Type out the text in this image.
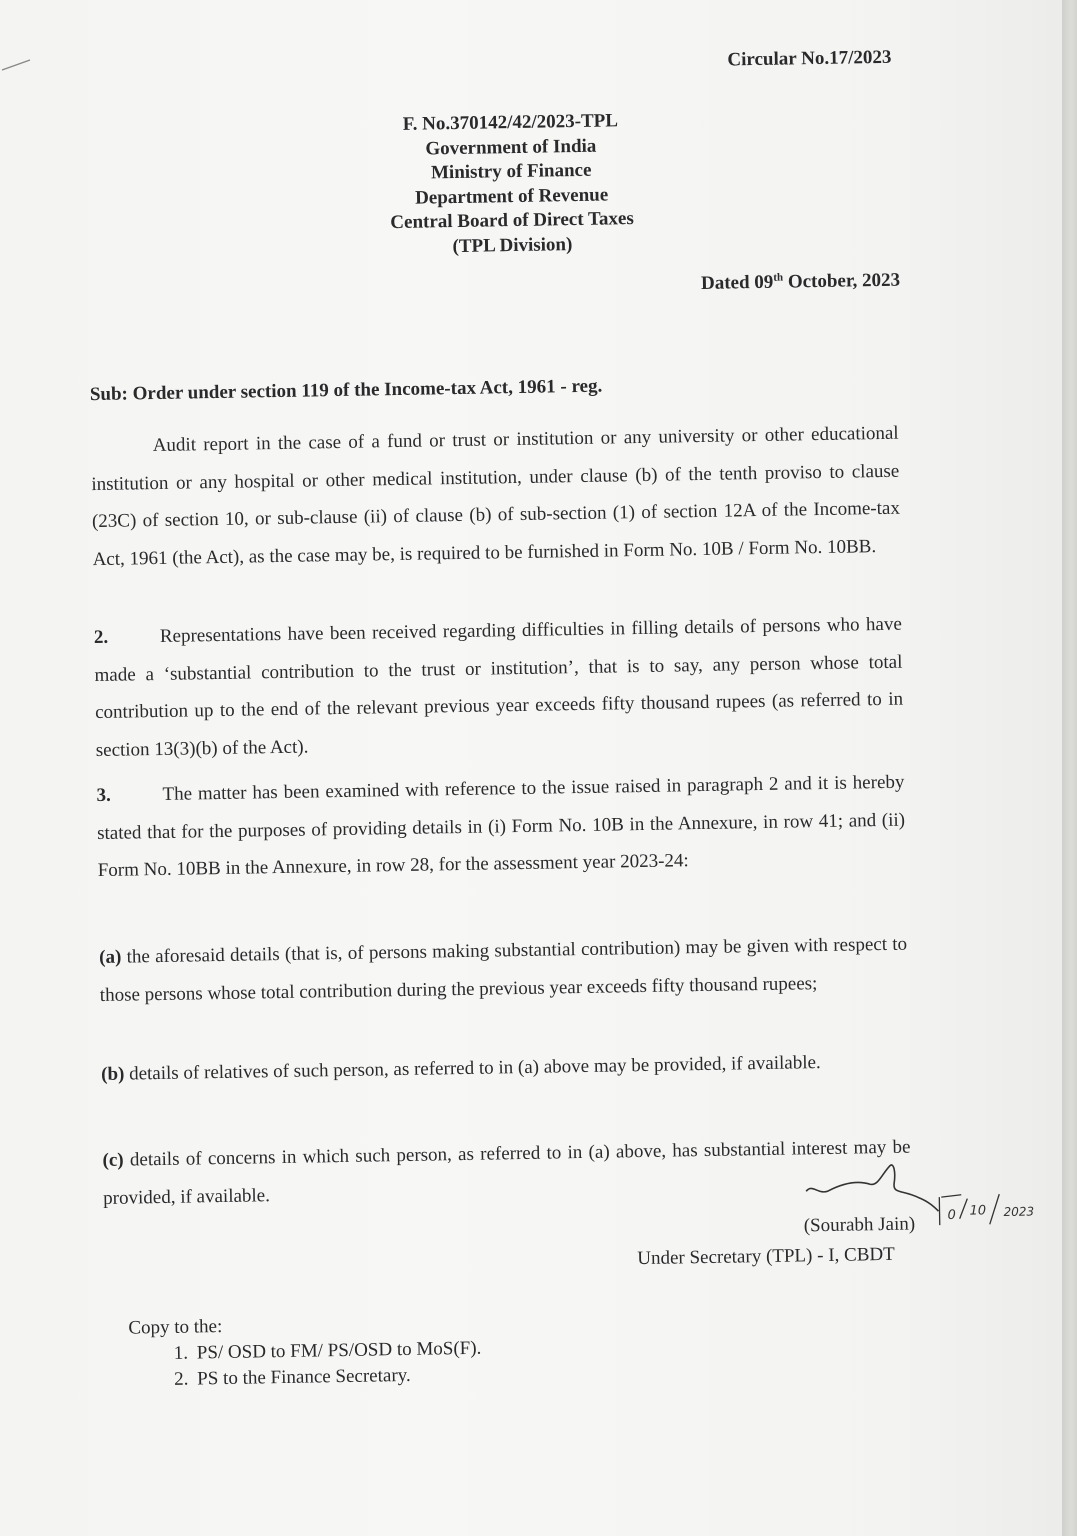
Circular No.17/2023
F. No.370142/42/2023-TPL
Government of India
Ministry of Finance
Department of Revenue
Central Board of Direct Taxes
(TPL Division)
Dated 09th October, 2023
Sub: Order under section 119 of the Income-tax Act, 1961 - reg.
Audit report in the case of a fund or trust or institution or any university or other educational institution or any hospital or other medical institution, under clause (b) of the tenth proviso to clause (23C) of section 10, or sub-clause (ii) of clause (b) of sub-section (1) of section 12A of the Income-tax Act, 1961 (the Act), as the case may be, is required to be furnished in Form No. 10B / Form No. 10BB.
2.	Representations have been received regarding difficulties in filling details of persons who have made a ‘substantial contribution to the trust or institution’, that is to say, any person whose total contribution up to the end of the relevant previous year exceeds fifty thousand rupees (as referred to in section 13(3)(b) of the Act).
3.	The matter has been examined with reference to the issue raised in paragraph 2 and it is hereby stated that for the purposes of providing details in (i) Form No. 10B in the Annexure, in row 41; and (ii) Form No. 10BB in the Annexure, in row 28, for the assessment year 2023-24:
(a) the aforesaid details (that is, of persons making substantial contribution) may be given with respect to those persons whose total contribution during the previous year exceeds fifty thousand rupees;
(b) details of relatives of such person, as referred to in (a) above may be provided, if available.
(c) details of concerns in which such person, as referred to in (a) above, has substantial interest may be provided, if available.
0 10 2023
(Sourabh Jain)
Under Secretary (TPL) - I, CBDT
Copy to the:
1. PS/ OSD to FM/ PS/OSD to MoS(F).
2. PS to the Finance Secretary.
